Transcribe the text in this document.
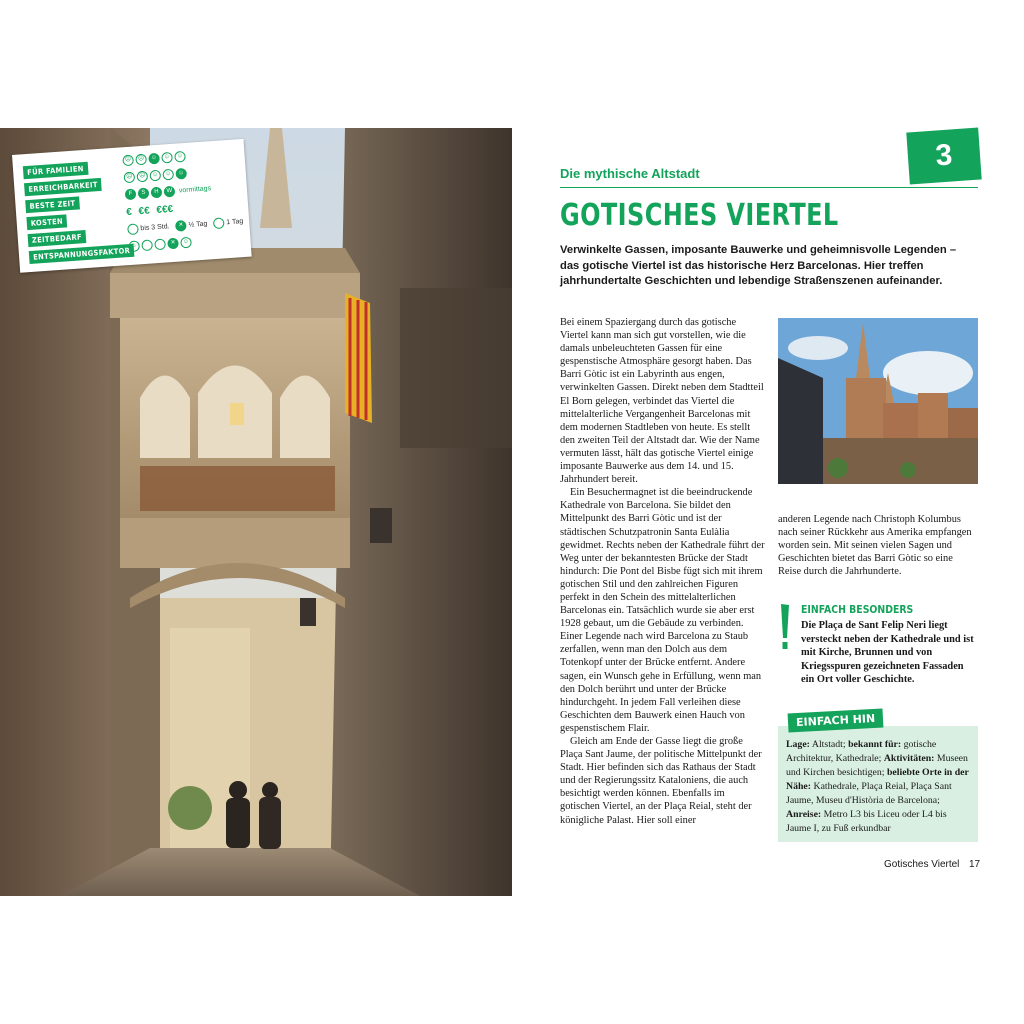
FÜR FAMILIEN
☹ ☹ ☺ ☺ ☺
ERREICHBARKEIT
☹ ☹ ☺ ☺ ☺
BESTE ZEIT
F S H W vormittags
KOSTEN
€ €€ €€€
ZEITBEDARF
bis 3 Std. ✕ ½ Tag	1 Tag
ENTSPANNUNGSFAKTOR
♨	✕ ☺
3
Die mythische Altstadt
GOTISCHES VIERTEL
Verwinkelte Gassen, imposante Bauwerke und geheimnisvolle Legenden – das gotische Viertel ist das historische Herz Barcelonas. Hier treffen jahrhundertalte Geschichten und lebendige Straßenszenen aufeinander.

Bei einem Spaziergang durch das gotische Viertel kann man sich gut vorstellen, wie die damals unbeleuchteten Gassen für eine gespenstische Atmosphäre gesorgt haben. Das Barri Gòtic ist ein Labyrinth aus engen, verwinkelten Gassen. Direkt neben dem Stadtteil El Born gelegen, verbindet das Viertel die mittelalterliche Vergangenheit Barcelonas mit dem modernen Stadtleben von heute. Es stellt den zweiten Teil der Altstadt dar. Wie der Name vermuten lässt, hält das gotische Viertel einige imposante Bauwerke aus dem 14. und 15. Jahrhundert bereit.

Ein Besuchermagnet ist die beeindruckende Kathedrale von Barcelona. Sie bildet den Mittelpunkt des Barri Gòtic und ist der städtischen Schutzpatronin Santa Eulàlia gewidmet. Rechts neben der Kathedrale führt der Weg unter der bekanntesten Brücke der Stadt hindurch: Die Pont del Bisbe fügt sich mit ihrem gotischen Stil und den zahlreichen Figuren perfekt in den Schein des mittelalterlichen Barcelonas ein. Tatsächlich wurde sie aber erst 1928 gebaut, um die Gebäude zu verbinden. Einer Legende nach wird Barcelona zu Staub zerfallen, wenn man den Dolch aus dem Totenkopf unter der Brücke entfernt. Andere sagen, ein Wunsch gehe in Erfüllung, wenn man den Dolch berührt und unter der Brücke hindurchgeht. In jedem Fall verleihen diese Geschichten dem Bauwerk einen Hauch von gespenstischem Flair.

Gleich am Ende der Gasse liegt die große Plaça Sant Jaume, der politische Mittelpunkt der Stadt. Hier befinden sich das Rathaus der Stadt und der Regierungssitz Kataloniens, die auch besichtigt werden können. Ebenfalls im gotischen Viertel, an der Plaça Reial, steht der königliche Palast. Hier soll einer

anderen Legende nach Christoph Kolumbus nach seiner Rückkehr aus Amerika empfangen worden sein. Mit seinen vielen Sagen und Geschichten bietet das Barri Gòtic so eine Reise durch die Jahrhunderte.

EINFACH BESONDERS
Die Plaça de Sant Felip Neri liegt versteckt neben der Kathedrale und ist mit Kirche, Brunnen und von Kriegsspuren gezeichneten Fassaden ein Ort voller Geschichte.
EINFACH HIN
Lage: Altstadt; bekannt für: gotische Architektur, Kathedrale; Aktivitäten: Museen und Kirchen besichtigen; beliebte Orte in der Nähe: Kathedrale, Plaça Reial, Plaça Sant Jaume, Museu d'Història de Barcelona; Anreise: Metro L3 bis Liceu oder L4 bis Jaume I, zu Fuß erkundbar
Gotisches Viertel 17
